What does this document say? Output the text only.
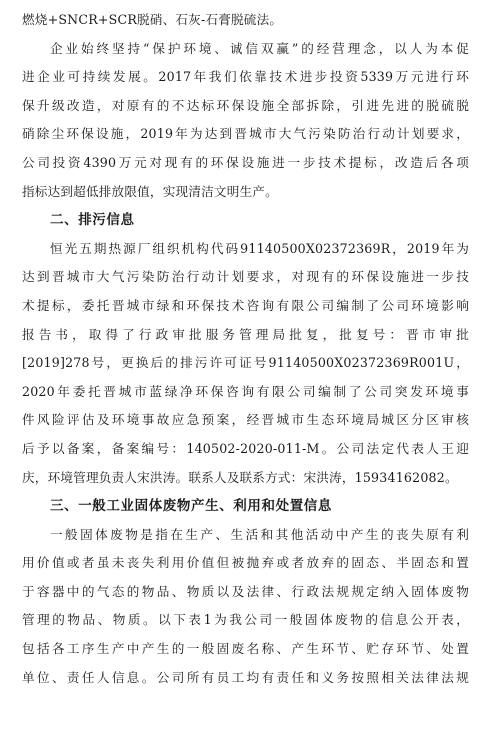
燃烧+SNCR+SCR脱硝、石灰-石膏脱硫法。
企业始终坚持“保护环境、诚信双赢”的经营理念，以人为本促
进企业可持续发展。2017年我们依靠技术进步投资5339万元进行环
保升级改造，对原有的不达标环保设施全部拆除，引进先进的脱硫脱
硝除尘环保设施，2019年为达到晋城市大气污染防治行动计划要求，
公司投资4390万元对现有的环保设施进一步技术提标，改造后各项
指标达到超低排放限值，实现清洁文明生产。
二、排污信息
恒光五期热源厂组织机构代码91140500X02372369R，2019年为
达到晋城市大气污染防治行动计划要求，对现有的环保设施进一步技
术提标，委托晋城市绿和环保技术咨询有限公司编制了公司环境影响
报告书，取得了行政审批服务管理局批复，批复号：晋市审批
[2019]278号，更换后的排污许可证号91140500X02372369R001U，
2020年委托晋城市蓝绿净环保咨询有限公司编制了公司突发环境事
件风险评估及环境事故应急预案，经晋城市生态环境局城区分区审核
后予以备案，备案编号：140502-2020-011-M。公司法定代表人王迎
庆，环境管理负责人宋洪涛。联系人及联系方式：宋洪涛，15934162082。
三、一般工业固体废物产生、利用和处置信息
一般固体废物是指在生产、生活和其他活动中产生的丧失原有利
用价值或者虽未丧失利用价值但被抛弃或者放弃的固态、半固态和置
于容器中的气态的物品、物质以及法律、行政法规规定纳入固体废物
管理的物品、物质。以下表1为我公司一般固体废物的信息公开表，
包括各工序生产中产生的一般固废名称、产生环节、贮存环节、处置
单位、责任人信息。公司所有员工均有责任和义务按照相关法律法规
